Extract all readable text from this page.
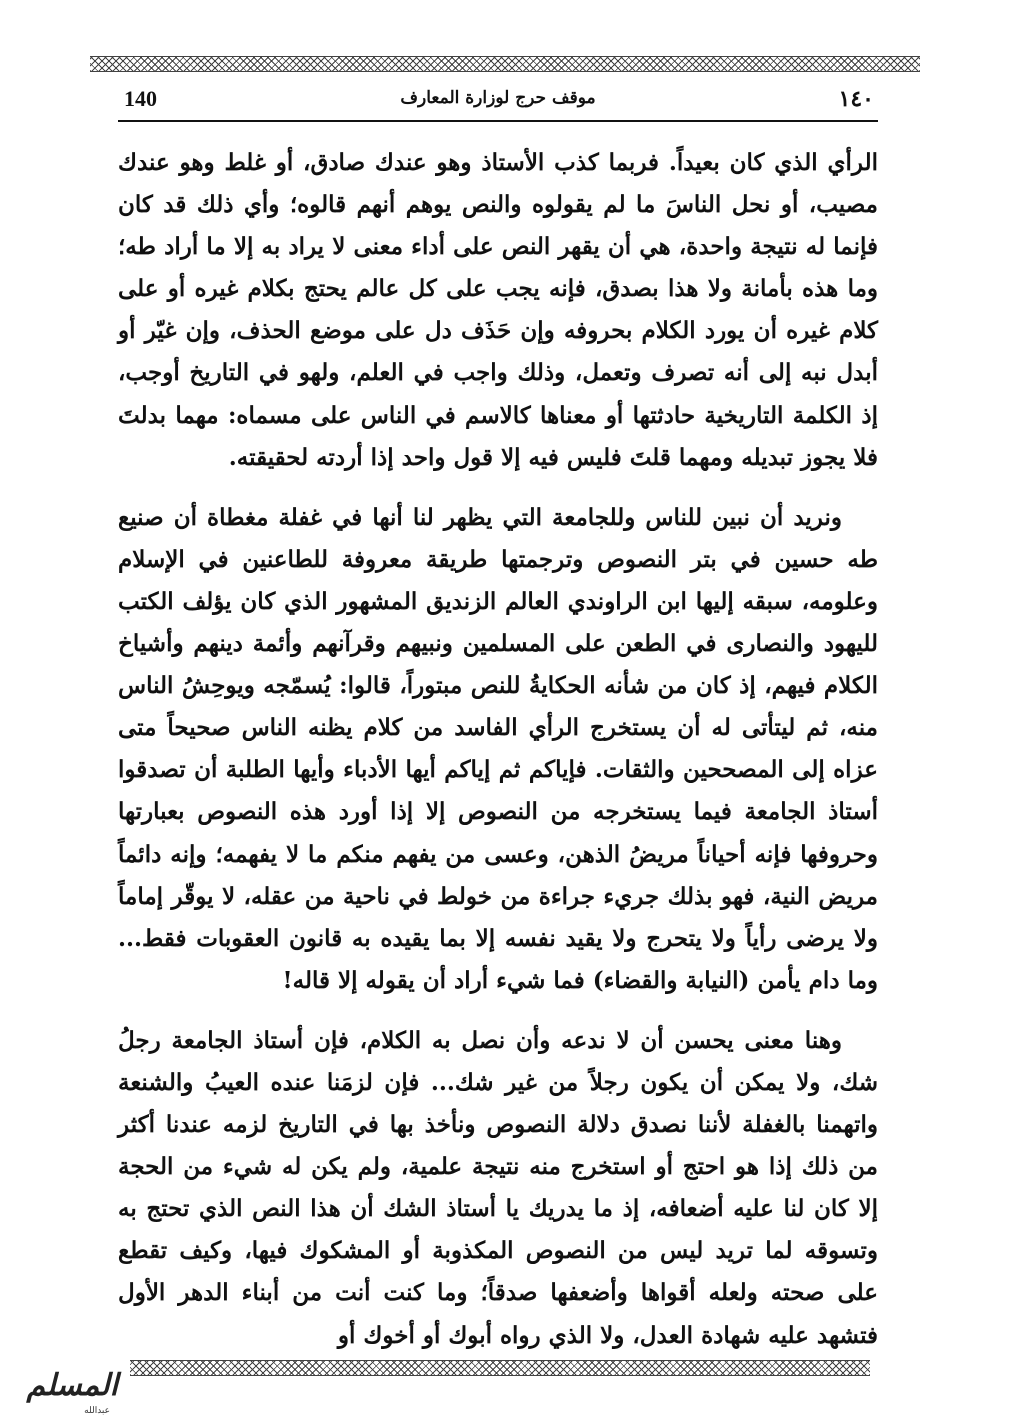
140	موقف حرج لوزارة المعارف	١٤٠

الرأي الذي كان بعيداً. فربما كذب الأستاذ وهو عندك صادق، أو غلط وهو عندك مصيب، أو نحل الناسَ ما لم يقولوه والنص يوهم أنهم قالوه؛ وأي ذلك قد كان فإنما له نتيجة واحدة، هي أن يقهر النص على أداء معنى لا يراد به إلا ما أراد طه؛ وما هذه بأمانة ولا هذا بصدق، فإنه يجب على كل عالم يحتج بكلام غيره أو على كلام غيره أن يورد الكلام بحروفه وإن حَذَف دل على موضع الحذف، وإن غيّر أو أبدل نبه إلى أنه تصرف وتعمل، وذلك واجب في العلم، ولهو في التاريخ أوجب، إذ الكلمة التاريخية حادثتها أو معناها كالاسم في الناس على مسماه: مهما بدلتَ فلا يجوز تبديله ومهما قلتَ فليس فيه إلا قول واحد إذا أردته لحقيقته.

ونريد أن نبين للناس وللجامعة التي يظهر لنا أنها في غفلة مغطاة أن صنيع طه حسين في بتر النصوص وترجمتها طريقة معروفة للطاعنين في الإسلام وعلومه، سبقه إليها ابن الراوندي العالم الزنديق المشهور الذي كان يؤلف الكتب لليهود والنصارى في الطعن على المسلمين ونبيهم وقرآنهم وأئمة دينهم وأشياخ الكلام فيهم، إذ كان من شأنه الحكايةُ للنص مبتوراً، قالوا: يُسمّجه ويوحِشُ الناس منه، ثم ليتأتى له أن يستخرج الرأي الفاسد من كلام يظنه الناس صحيحاً متى عزاه إلى المصححين والثقات. فإياكم ثم إياكم أيها الأدباء وأيها الطلبة أن تصدقوا أستاذ الجامعة فيما يستخرجه من النصوص إلا إذا أورد هذه النصوص بعبارتها وحروفها فإنه أحياناً مريضُ الذهن، وعسى من يفهم منكم ما لا يفهمه؛ وإنه دائماً مريض النية، فهو بذلك جريء جراءة من خولط في ناحية من عقله، لا يوقّر إماماً ولا يرضى رأياً ولا يتحرج ولا يقيد نفسه إلا بما يقيده به قانون العقوبات فقط... وما دام يأمن (النيابة والقضاء) فما شيء أراد أن يقوله إلا قاله!

وهنا معنى يحسن أن لا ندعه وأن نصل به الكلام، فإن أستاذ الجامعة رجلُ شك، ولا يمكن أن يكون رجلاً من غير شك... فإن لزمَنا عنده العيبُ والشنعة واتهمنا بالغفلة لأننا نصدق دلالة النصوص ونأخذ بها في التاريخ لزمه عندنا أكثر من ذلك إذا هو احتج أو استخرج منه نتيجة علمية، ولم يكن له شيء من الحجة إلا كان لنا عليه أضعافه، إذ ما يدريك يا أستاذ الشك أن هذا النص الذي تحتج به وتسوقه لما تريد ليس من النصوص المكذوبة أو المشكوك فيها، وكيف تقطع على صحته ولعله أقواها وأضعفها صدقاً؛ وما كنت أنت من أبناء الدهر الأول فتشهد عليه شهادة العدل، ولا الذي رواه أبوك أو أخوك أو

المسلم
عبدالله
